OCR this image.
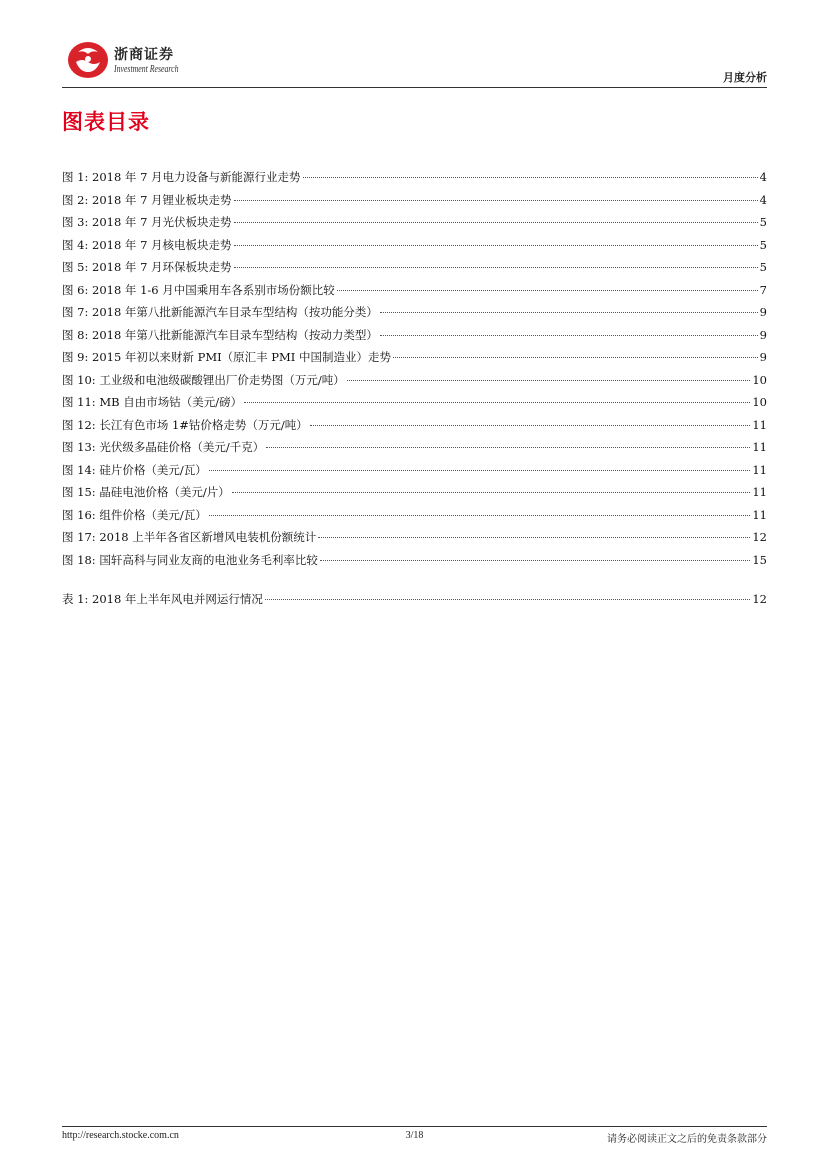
浙商证券
Investment Research
月度分析
图表目录
图 1: 2018 年 7 月电力设备与新能源行业走势	4
图 2: 2018 年 7 月锂业板块走势	4
图 3: 2018 年 7 月光伏板块走势	5
图 4: 2018 年 7 月核电板块走势	5
图 5: 2018 年 7 月环保板块走势	5
图 6: 2018 年 1-6 月中国乘用车各系别市场份额比较	7
图 7: 2018 年第八批新能源汽车目录车型结构（按功能分类）	9
图 8: 2018 年第八批新能源汽车目录车型结构（按动力类型）	9
图 9: 2015 年初以来财新 PMI（原汇丰 PMI 中国制造业）走势	9
图 10: 工业级和电池级碳酸锂出厂价走势图（万元/吨）	10
图 11: MB 自由市场钴（美元/磅）	10
图 12: 长江有色市场 1#钴价格走势（万元/吨）	11
图 13: 光伏级多晶硅价格（美元/千克）	11
图 14: 硅片价格（美元/瓦）	11
图 15: 晶硅电池价格（美元/片）	11
图 16: 组件价格（美元/瓦）	11
图 17: 2018 上半年各省区新增风电装机份额统计	12
图 18: 国轩高科与同业友商的电池业务毛利率比较	15
表 1: 2018 年上半年风电并网运行情况	12
http://research.stocke.com.cn	3/18	请务必阅读正文之后的免责条款部分
